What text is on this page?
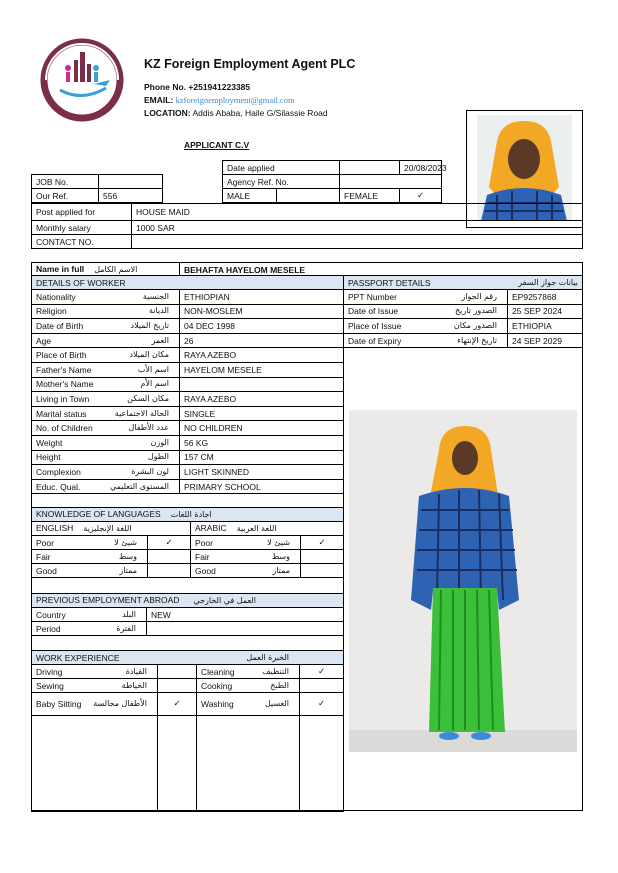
KZ Foreign Employment Agent PLC
Phone No. +251941223385
EMAIL: kzforeignemployment@gmail.com
LOCATION: Addis Ababa, Haile G/Silassie Road
APPLICANT C.V
			Date applied			20/08/2023
JOB No.			Agency Ref. No.			
Our Ref.	556		MALE		FEMALE	✓
Post applied for	HOUSE MAID
Monthly salary	1000 SAR
CONTACT NO.	
Name in full الاسم الكامل	BEHAFTA HAYELOM MESELE
DETAILS OF WORKER	
Nationality الجنسية	ETHIOPIAN
Religion الديانة	NON-MOSLEM
Date of Birth تاريخ الميلاد	04 DEC 1998
Age العمر	26
Place of Birth مكان الميلاد	RAYA AZEBO
Father's Name اسم الأب	HAYELOM MESELE
Mother's Name اسم الأم	

Living in Town مكان السكن	RAYA AZEBO
Marital status الحالة الاجتماعية	SINGLE
No. of Children عدد الأطفال	NO CHILDREN
Weight الوزن	56 KG
Height الطول	157 CM
Complexion لون البشرة	LIGHT SKINNED
Educ. Qual. المستوى التعليمي	PRIMARY SCHOOL
PASSPORT DETAILS بيانات جواز السفر	

PPT Number رقم الجواز	EP9257868
Date of Issue الصدور تاريخ	25 SEP 2024
Place of Issue الصدور مكان	ETHIOPIA
Date of Expiry تاريخ الإنتهاء	24 SEP 2029

KNOWLEDGE OF LANGUAGES اجادة اللغات			
ENGLISH اللغة الإنجليزية		ARABIC اللغة العربية	
Poor شيئ لا	✓	Poor شيئ لا	✓
Fair وسط		Fair وسط	

Good ممتاز		Good ممتاز	

PREVIOUS EMPLOYMENT ABROAD العمل في الخارجي	
Country البلد	NEW
Period الفترة	

WORK EXPERIENCE الخبرة العمل			

Driving القيادة		Cleaning التنظيف	✓
Sewing الخياطة		Cooking الطبخ	

Baby Sitting الأطفال مجالسة	✓	Washing الغسيل	✓
